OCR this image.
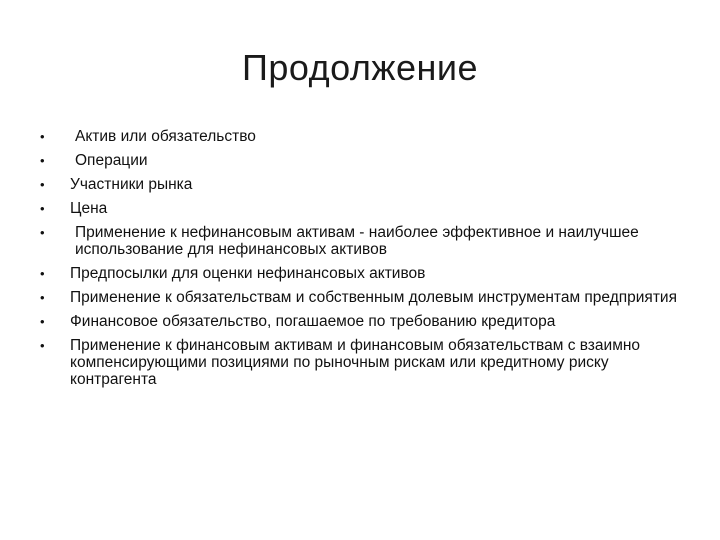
Продолжение
•	Актив или обязательство
•	Операции
• Участники рынка
• Цена
•	Применение к нефинансовым активам - наиболее эффективное и наилучшее использование для нефинансовых активов
• Предпосылки для оценки нефинансовых активов
• Применение к обязательствам и собственным долевым инструментам предприятия
• Финансовое обязательство, погашаемое по требованию кредитора
• Применение к финансовым активам и финансовым обязательствам с взаимно компенсирующими позициями по рыночным рискам или кредитному риску контрагента
